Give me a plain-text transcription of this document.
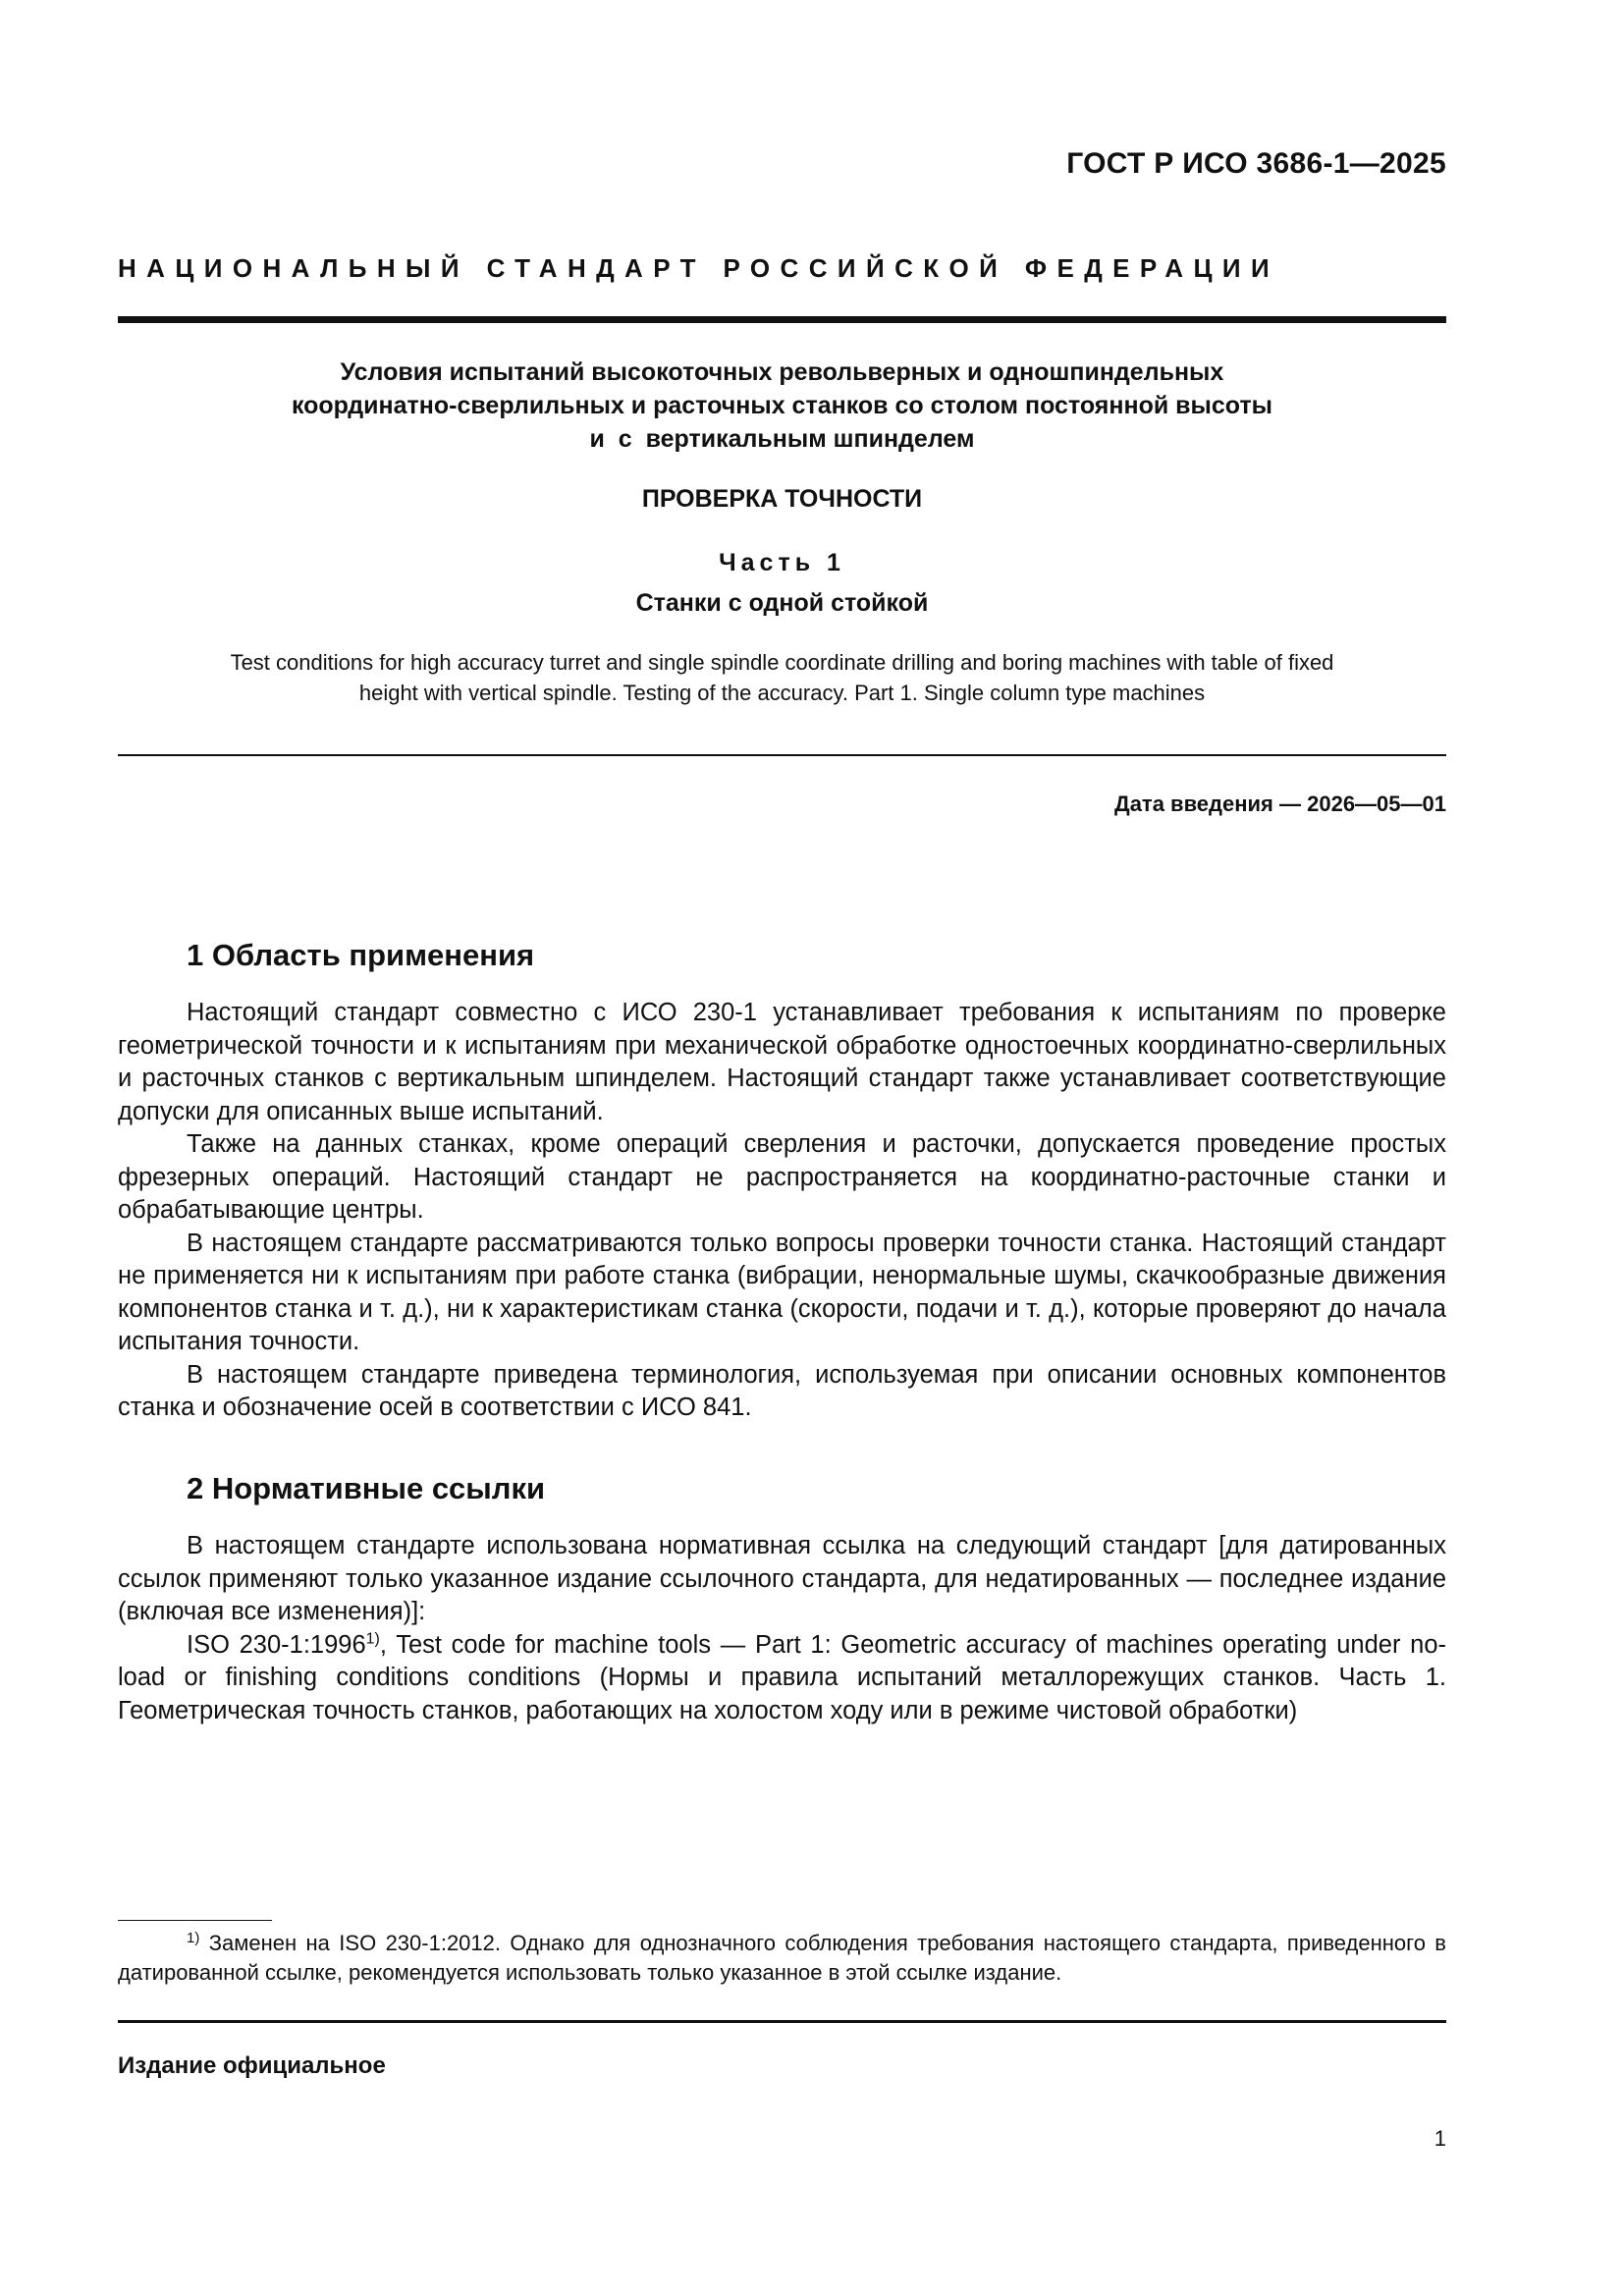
ГОСТ Р ИСО 3686-1—2025
НАЦИОНАЛЬНЫЙ СТАНДАРТ РОССИЙСКОЙ ФЕДЕРАЦИИ
Условия испытаний высокоточных револьверных и одношпиндельных
координатно-сверлильных и расточных станков со столом постоянной высоты
и  с  вертикальным шпинделем
ПРОВЕРКА ТОЧНОСТИ
Часть 1
Станки с одной стойкой
Test conditions for high accuracy turret and single spindle coordinate drilling and boring machines with table of fixed
height with vertical spindle. Testing of the accuracy. Part 1. Single column type machines
Дата введения — 2026—05—01
1 Область применения

Настоящий стандарт совместно с ИСО 230-1 устанавливает требования к испытаниям по проверке геометрической точности и к испытаниям при механической обработке одностоечных координатно-сверлильных и расточных станков с вертикальным шпинделем. Настоящий стандарт также устанавливает соответствующие допуски для описанных выше испытаний.

Также на данных станках, кроме операций сверления и расточки, допускается проведение простых фрезерных операций. Настоящий стандарт не распространяется на координатно-расточные станки и обрабатывающие центры.

В настоящем стандарте рассматриваются только вопросы проверки точности станка. Настоящий стандарт не применяется ни к испытаниям при работе станка (вибрации, ненормальные шумы, скачкообразные движения компонентов станка и т. д.), ни к характеристикам станка (скорости, подачи и т. д.), которые проверяют до начала испытания точности.

В настоящем стандарте приведена терминология, используемая при описании основных компонентов станка и обозначение осей в соответствии с ИСО 841.

2 Нормативные ссылки

В настоящем стандарте использована нормативная ссылка на следующий стандарт [для датированных ссылок применяют только указанное издание ссылочного стандарта, для недатированных — последнее издание (включая все изменения)]:

ISO 230-1:1996$^{1)}$, Test code for machine tools — Part 1: Geometric accuracy of machines operating under no-load or finishing conditions conditions (Нормы и правила испытаний металлорежущих станков. Часть 1. Геометрическая точность станков, работающих на холостом ходу или в режиме чистовой обработки)

$^{1)}$ Заменен на ISO 230-1:2012. Однако для однозначного соблюдения требования настоящего стандарта, приведенного в датированной ссылке, рекомендуется использовать только указанное в этой ссылке издание.
Издание официальное
1
